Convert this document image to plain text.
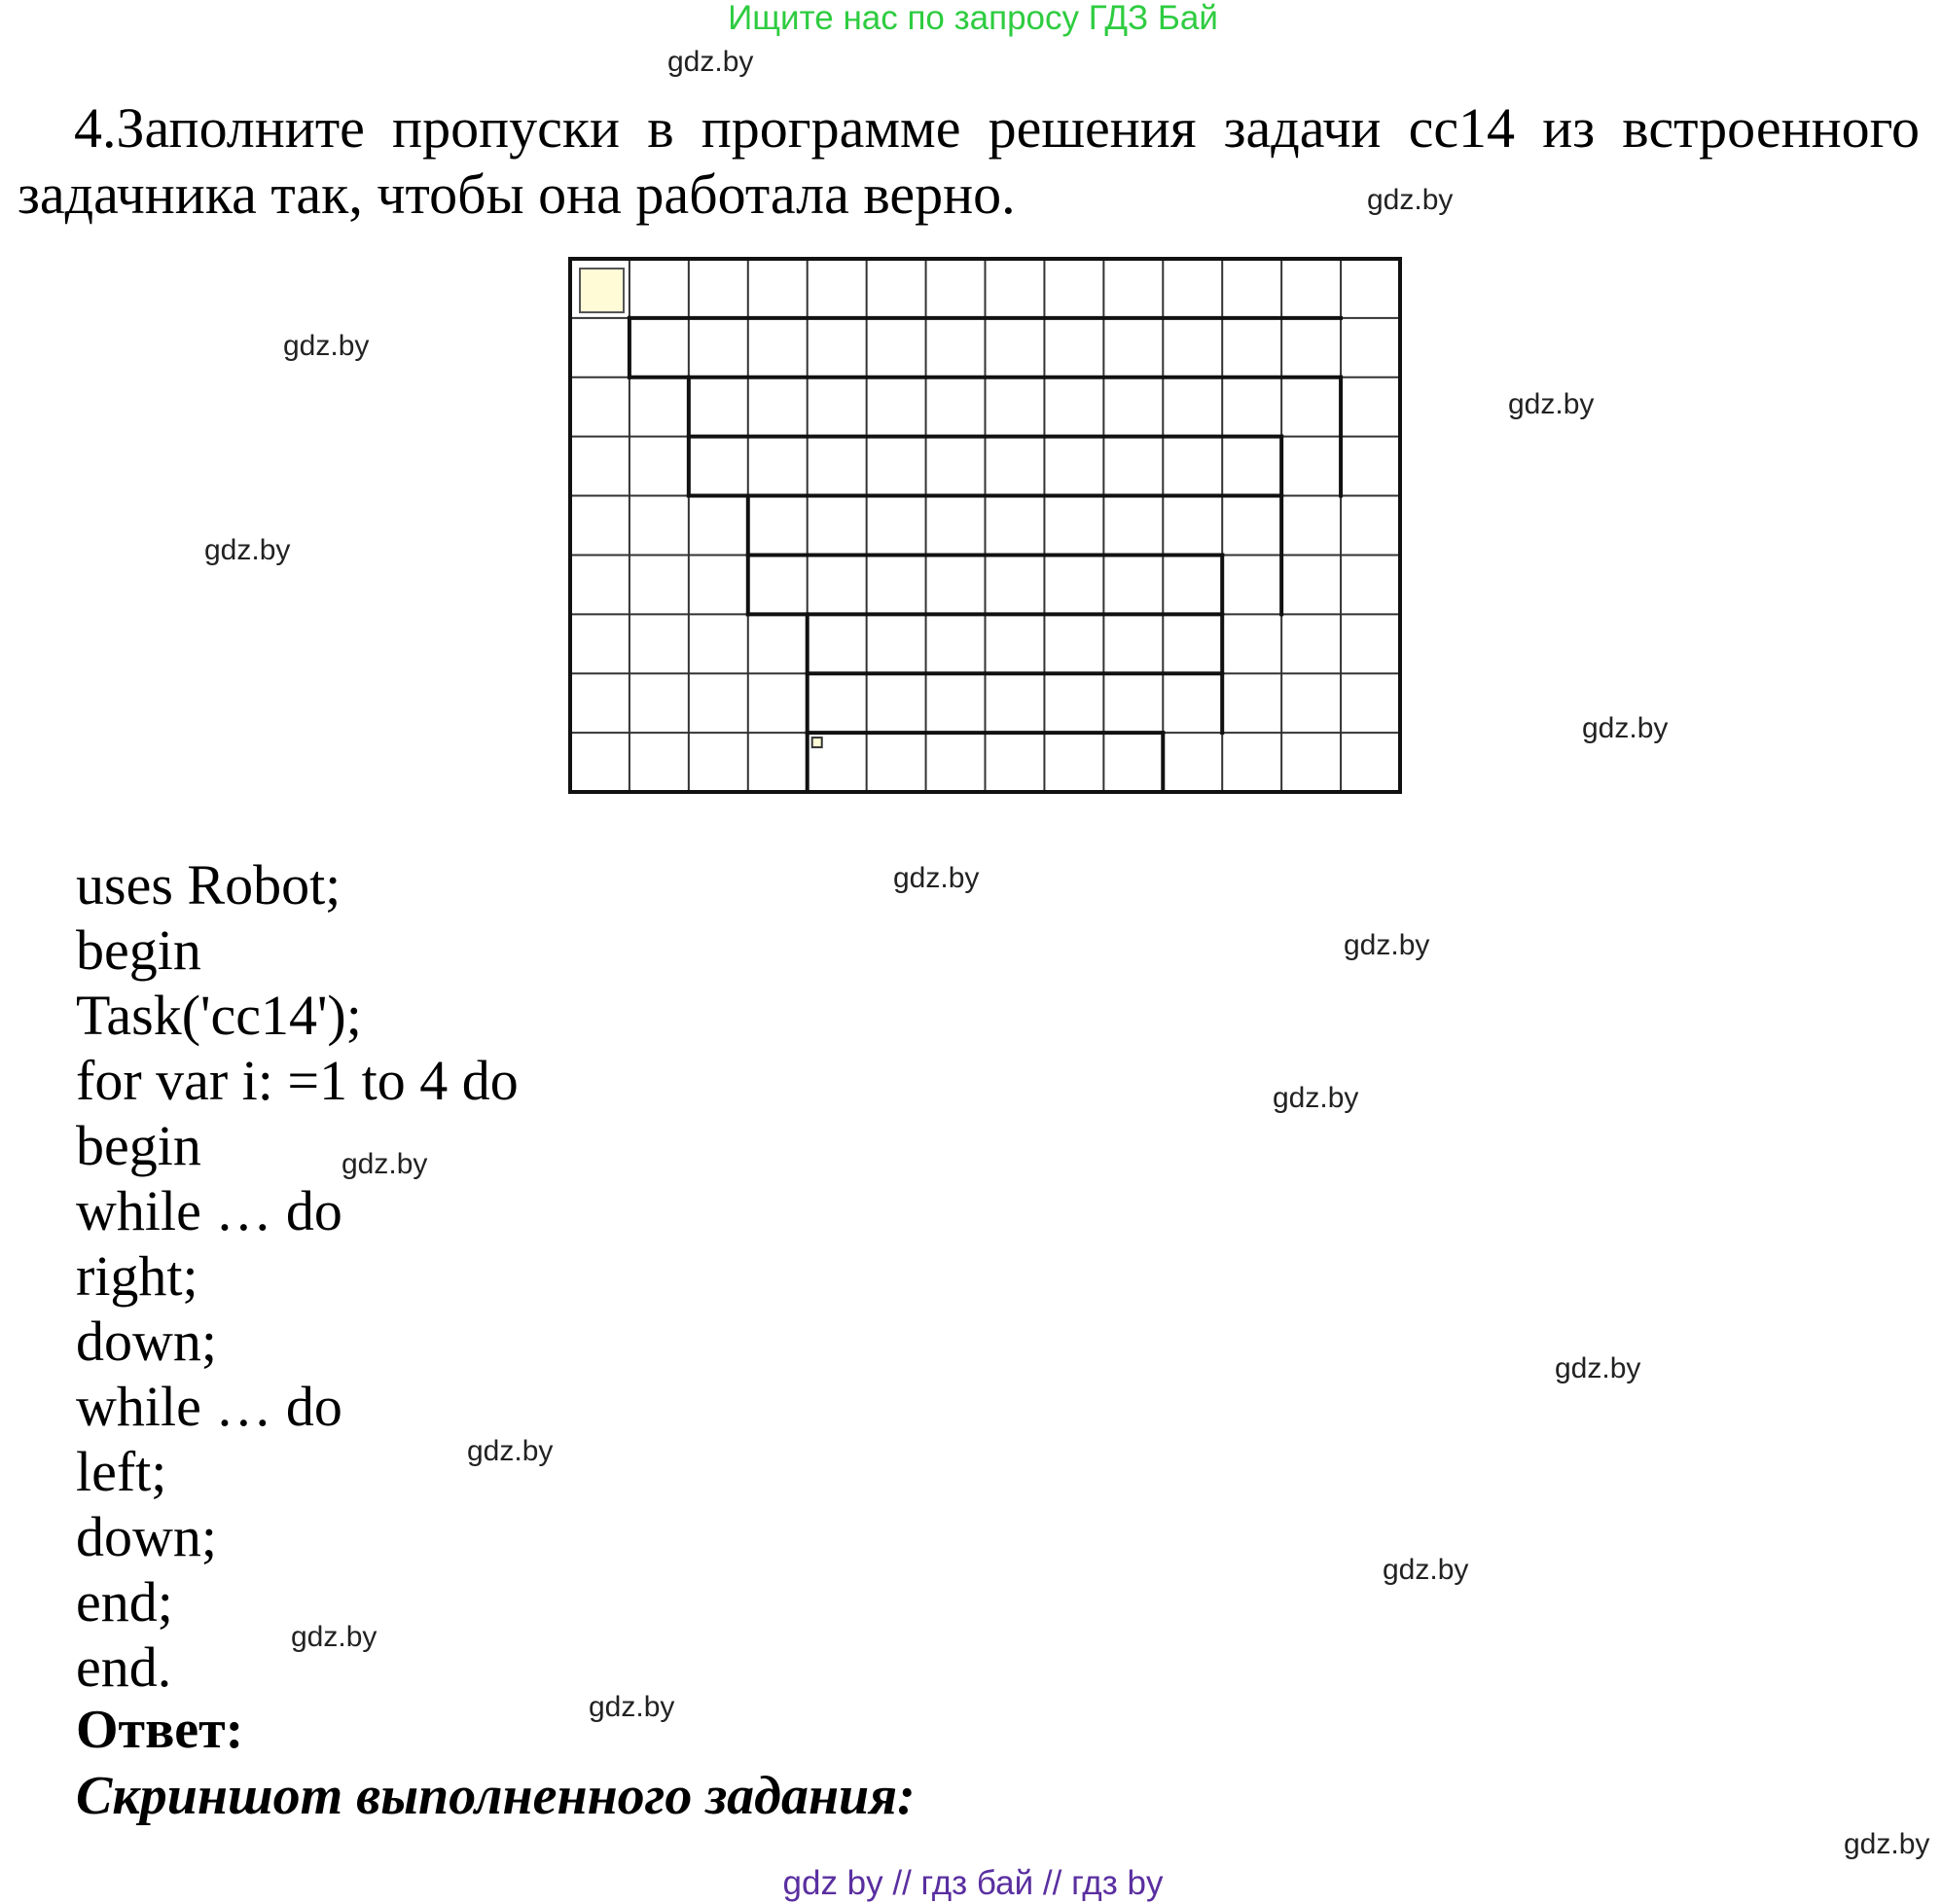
Ищите нас по запросу ГДЗ Бай
gdz.by
gdz.by
gdz.by
gdz.by
gdz.by
gdz.by
gdz.by
gdz.by
gdz.by
gdz.by
gdz.by
gdz.by
gdz.by
gdz.by
gdz.by
gdz.by

4.Заполните пропуски в программе решения задачи cc14 из встроенного задачника так, чтобы она работала верно.

uses Robot;
begin
Task('cc14');
for var i: =1 to 4 do
begin
while … do
right;
down;
while … do
left;
down;
end;
end.
Ответ:
Скриншот выполненного задания:
gdz by // гдз бай // гдз by
